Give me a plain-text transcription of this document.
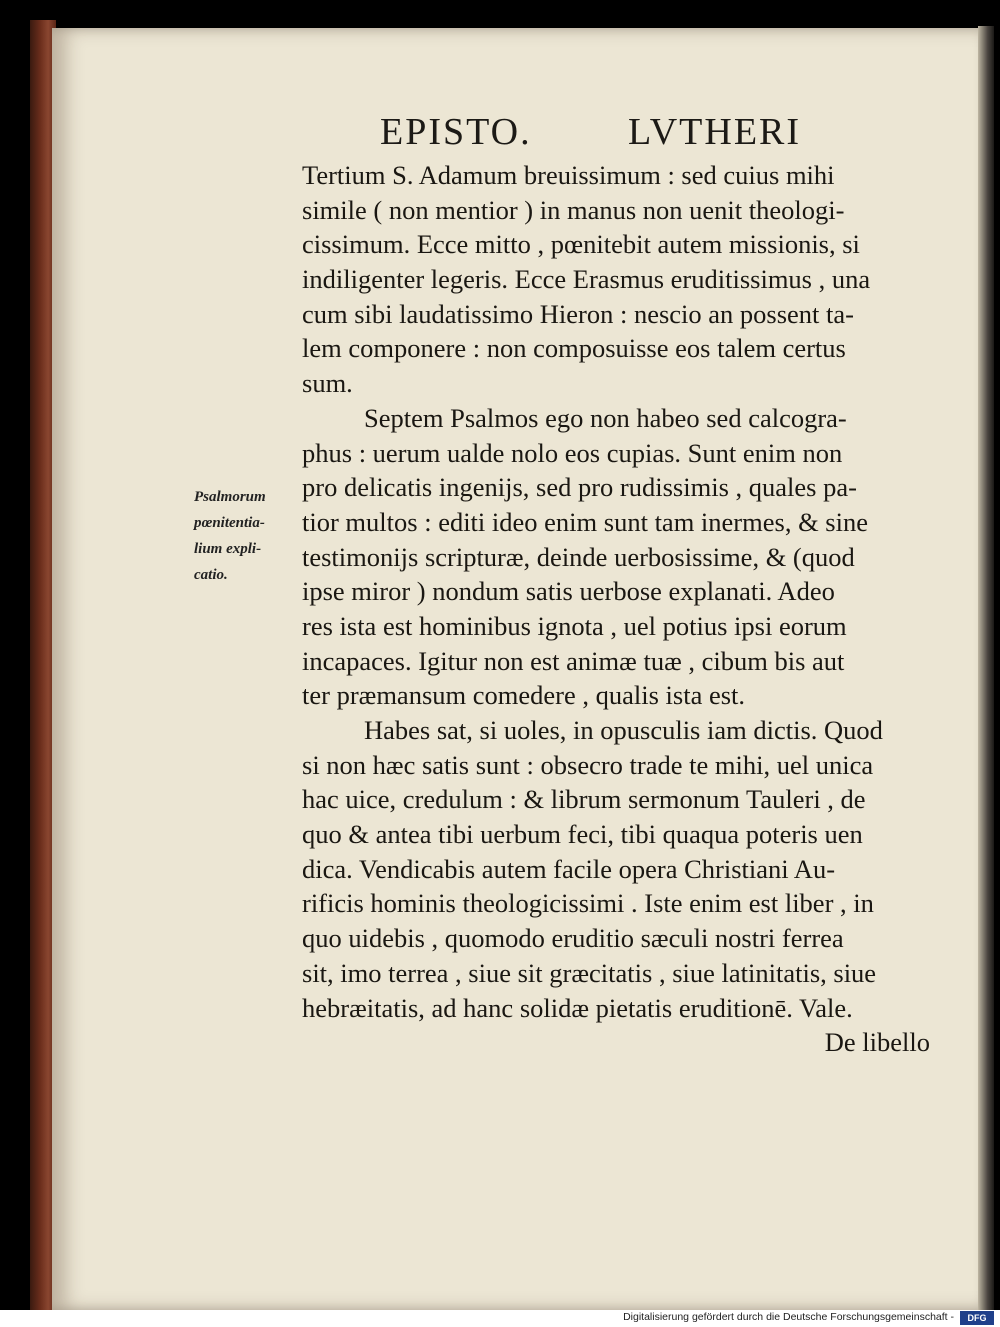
EPISTO.	LVTHERI
Psalmorum
pœnitentia-
lium expli-
catio.
Tertium S. Adamum breuissimum : sed cuius mihi
simile ( non mentior ) in manus non uenit theologi-
cissimum. Ecce mitto , pœnitebit autem missionis, si
indiligenter legeris. Ecce Erasmus eruditissimus , una
cum sibi laudatissimo Hieron : nescio an possent ta-
lem componere : non composuisse eos talem certus
sum.
Septem Psalmos ego non habeo sed calcogra-
phus : uerum ualde nolo eos cupias. Sunt enim non
pro delicatis ingenijs, sed pro rudissimis , quales pa-
tior multos : editi ideo enim sunt tam inermes, & sine
testimonijs scripturæ, deinde uerbosissime, & (quod
ipse miror ) nondum satis uerbose explanati. Adeo
res ista est hominibus ignota , uel potius ipsi eorum
incapaces. Igitur non est animæ tuæ , cibum bis aut
ter præmansum comedere , qualis ista est.
Habes sat, si uoles, in opusculis iam dictis. Quod
si non hæc satis sunt : obsecro trade te mihi, uel unica
hac uice, credulum : & librum sermonum Tauleri , de
quo & antea tibi uerbum feci, tibi quaqua poteris uen
dica. Vendicabis autem facile opera Christiani Au-
rificis hominis theologicissimi . Iste enim est liber , in
quo uidebis , quomodo eruditio sæculi nostri ferrea
sit, imo terrea , siue sit græcitatis , siue latinitatis, siue
hebræitatis, ad hanc solidæ pietatis eruditionē. Vale.
De libello
Digitalisierung gefördert durch die Deutsche Forschungsgemeinschaft -	DFG
